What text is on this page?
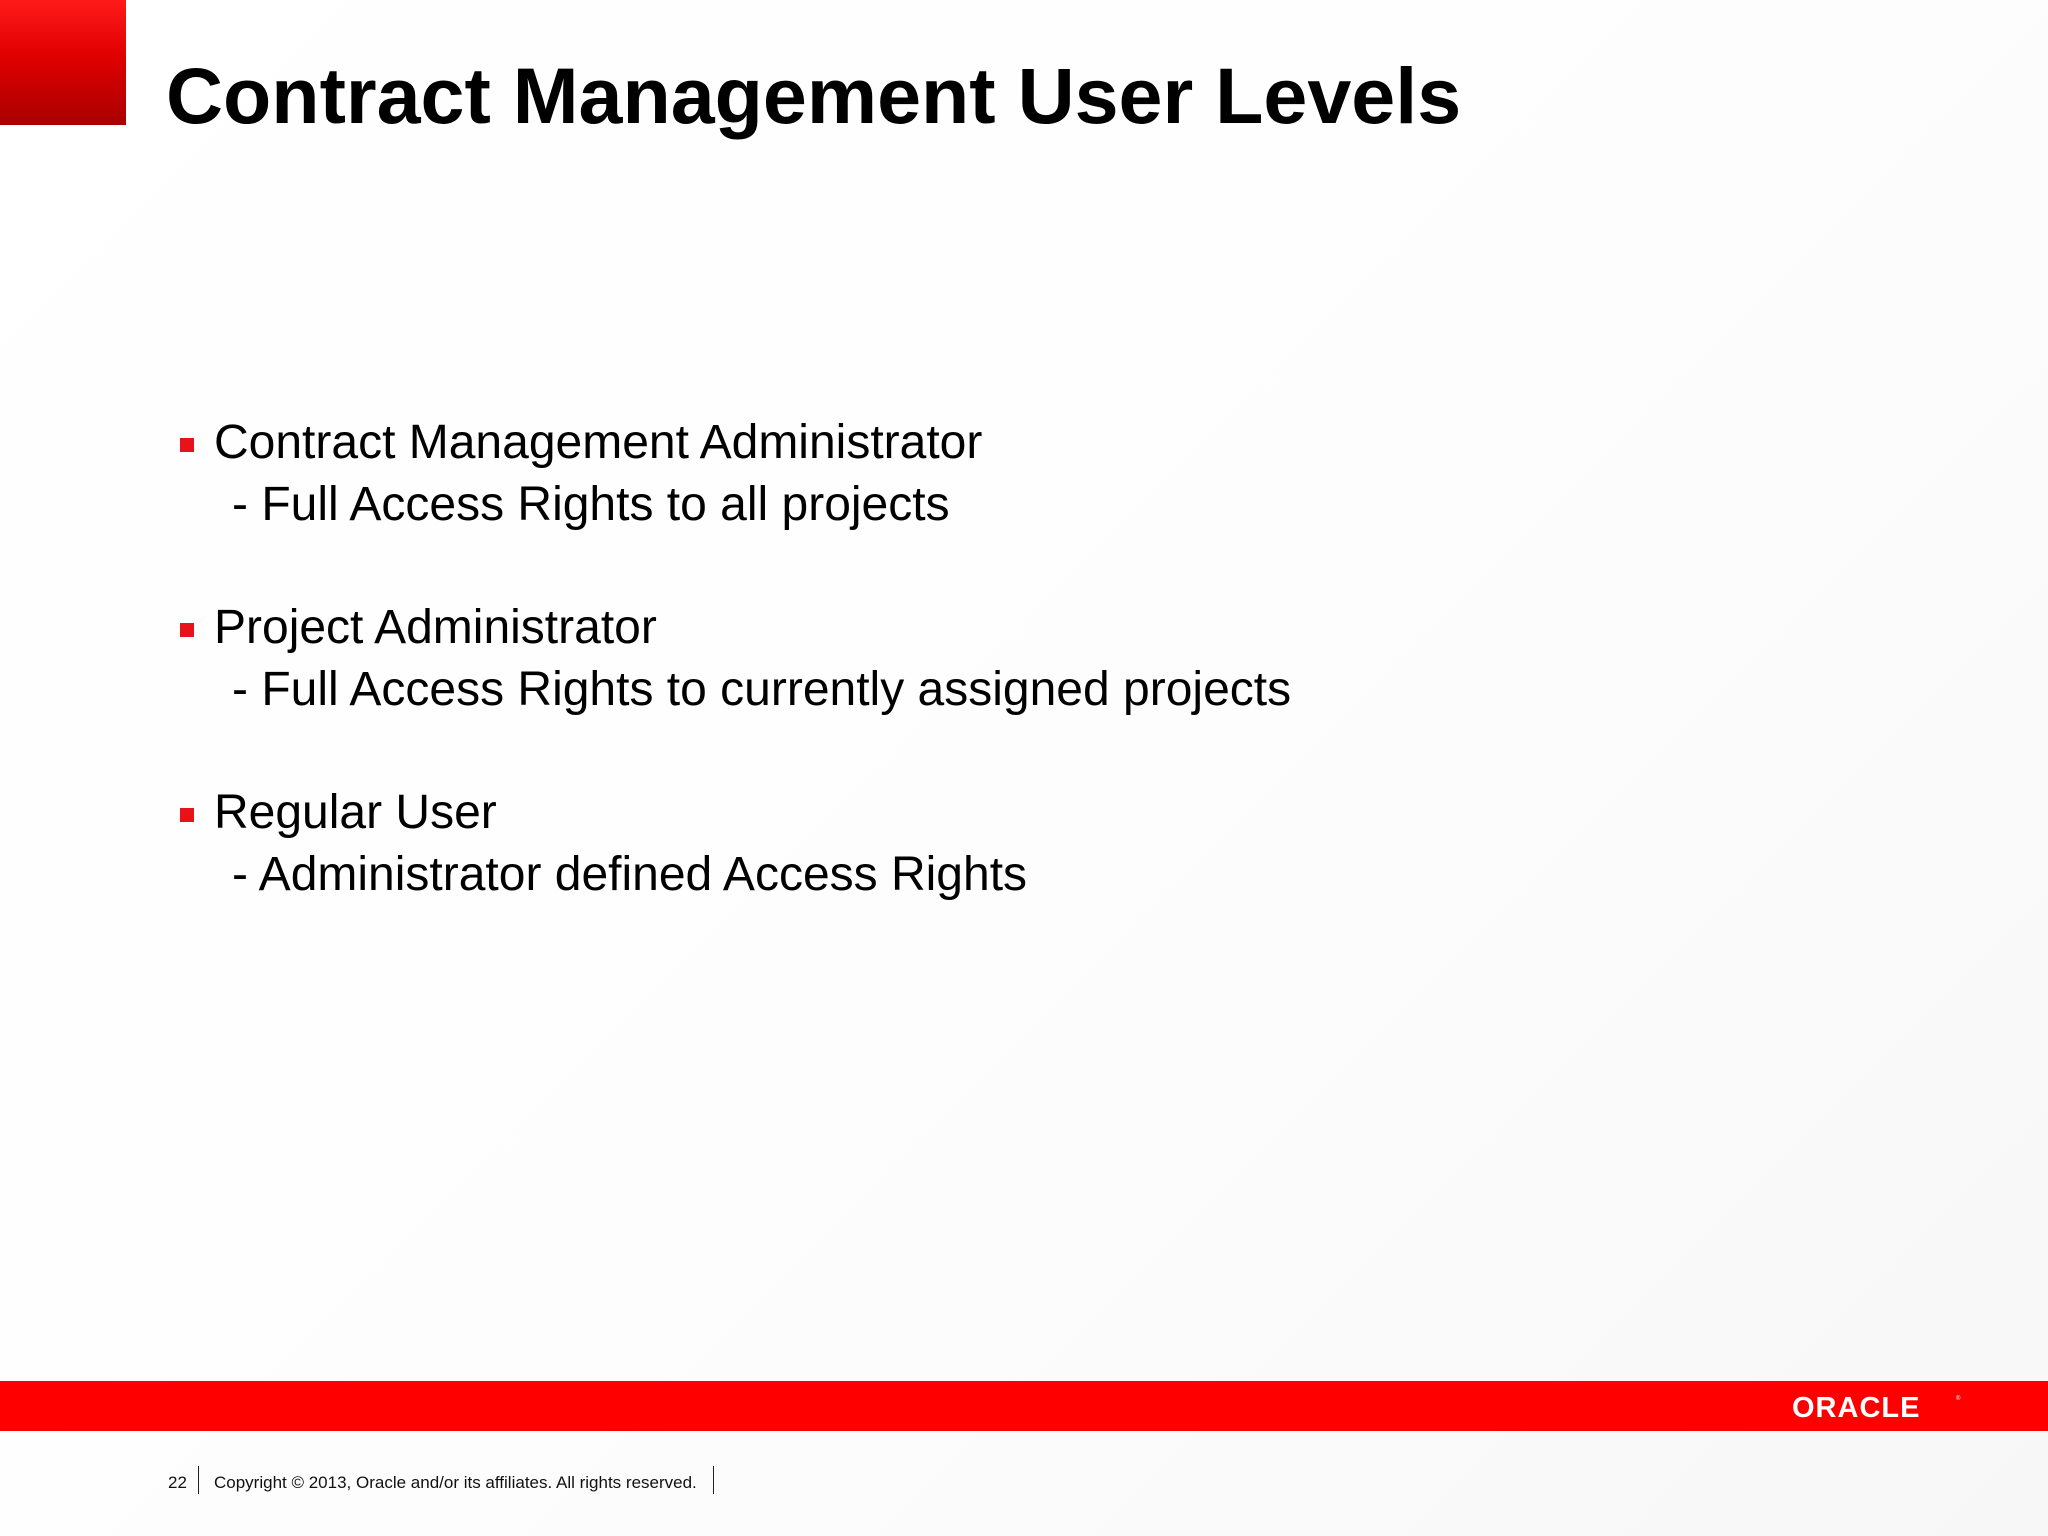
Contract Management User Levels
Contract Management Administrator
- Full Access Rights to all projects
Project Administrator
- Full Access Rights to currently assigned projects
Regular User
- Administrator defined Access Rights
ORACLE	®
22 Copyright © 2013, Oracle and/or its affiliates. All rights reserved.
